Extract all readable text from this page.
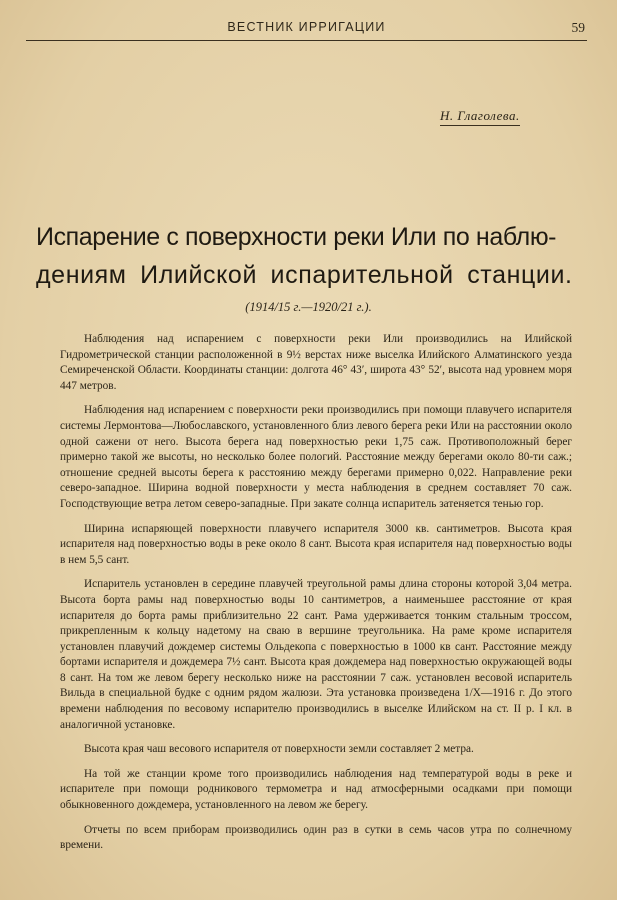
ВЕСТНИК ИРРИГАЦИИ	59
Н. Глаголева.
Испарение с поверхности реки Или по наблю-
дениям Илийской испарительной станции.
(1914/15 г.—1920/21 г.).

Наблюдения над испарением с поверхности реки Или производились на Илийской Гидрометрической станции расположенной в 9½ верстах ниже выселка Илийского Алматинского уезда Семиреченской Области. Координаты станции: долгота 46° 43′, широта 43° 52′, высота над уровнем моря 447 метров.

Наблюдения над испарением с поверхности реки производились при помощи плавучего испарителя системы Лермонтова—Любославского, установленного близ левого берега реки Или на расстоянии около одной сажени от него. Высота берега над поверхностью реки 1,75 саж. Противоположный берег примерно такой же высоты, но несколько более пологий. Расстояние между берегами около 80-ти саж.; отношение средней высоты берега к расстоянию между берегами примерно 0,022. Направление реки северо-западное. Ширина водной поверхности у места наблюдения в среднем составляет 70 саж. Господствующие ветра летом северо-западные. При закате солнца испаритель затеняется тенью гор.

Ширина испаряющей поверхности плавучего испарителя 3000 кв. сантиметров. Высота края испарителя над поверхностью воды в реке около 8 сант. Высота края испарителя над поверхностью воды в нем 5,5 сант.

Испаритель установлен в середине плавучей треугольной рамы длина стороны которой 3,04 метра. Высота борта рамы над поверхностью воды 10 сантиметров, а наименьшее расстояние от края испарителя до борта рамы приблизительно 22 сант. Рама удерживается тонким стальным троссом, прикрепленным к кольцу надетому на сваю в вершине треугольника. На раме кроме испарителя установлен плавучий дождемер системы Ольдекопа с поверхностью в 1000 кв сант. Расстояние между бортами испарителя и дождемера 7½ сант. Высота края дождемера над поверхностью окружающей воды 8 сант. На том же левом берегу несколько ниже на расстоянии 7 саж. установлен весовой испаритель Вильда в специальной будке с одним рядом жалюзи. Эта установка произведена 1/X—1916 г. До этого времени наблюдения по весовому испарителю производились в выселке Илийском на ст. II р. I кл. в аналогичной установке.

Высота края чаш весового испарителя от поверхности земли составляет 2 метра.

На той же станции кроме того производились наблюдения над температурой воды в реке и испарителе при помощи родникового термометра и над атмосферными осадками при помощи обыкновенного дождемера, установленного на левом же берегу.

Отчеты по всем приборам производились один раз в сутки в семь часов утра по солнечному времени.
